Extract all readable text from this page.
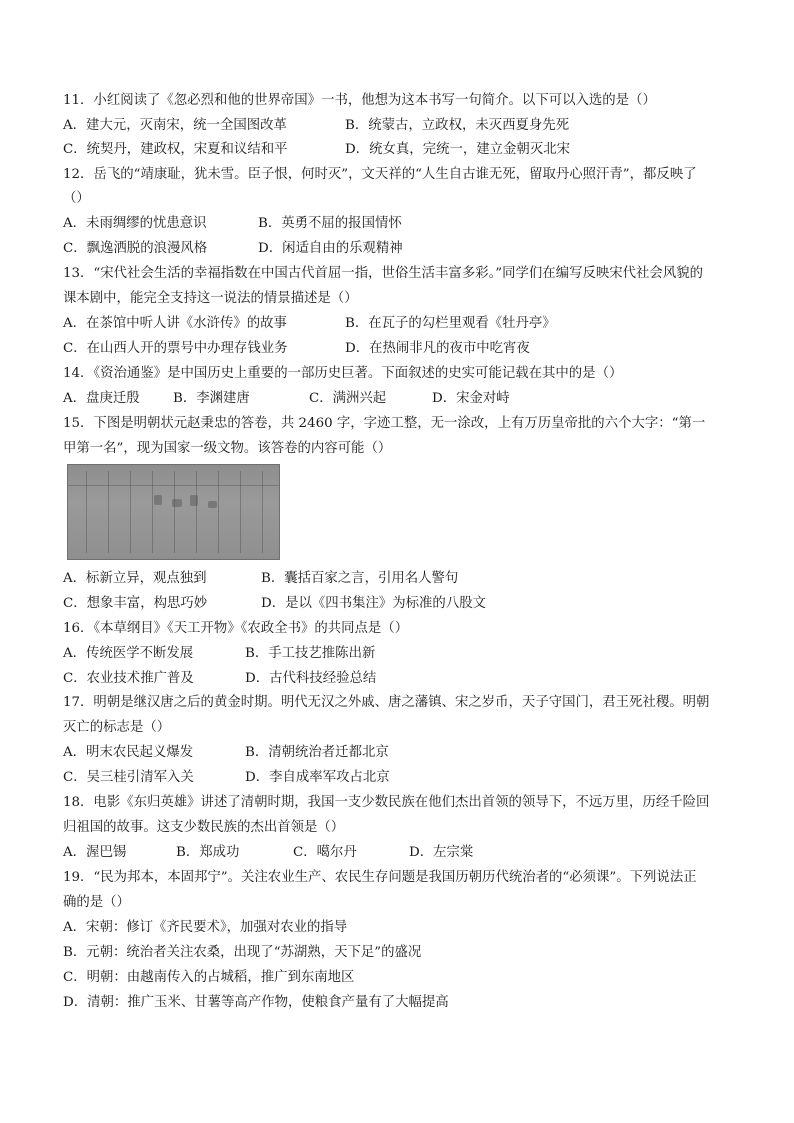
11．小红阅读了《忽必烈和他的世界帝国》一书，他想为这本书写一句简介。以下可以入选的是（）
A．建大元，灭南宋，统一全国图改革	B．统蒙古，立政权，未灭西夏身先死
C．统契丹，建政权，宋夏和议结和平	D．统女真，完统一，建立金朝灭北宋
12．岳飞的“靖康耻，犹未雪。臣子恨，何时灭”，文天祥的“人生自古谁无死，留取丹心照汗青”，都反映了
（）
A．未雨绸缪的忧患意识	B．英勇不屈的报国情怀
C．飘逸洒脱的浪漫风格	D．闲适自由的乐观精神
13．“宋代社会生活的幸福指数在中国古代首屈一指，世俗生活丰富多彩。”同学们在编写反映宋代社会风貌的
课本剧中，能完全支持这一说法的情景描述是（）
A．在茶馆中听人讲《水浒传》的故事	B．在瓦子的勾栏里观看《牡丹亭》
C．在山西人开的票号中办理存钱业务	D．在热闹非凡的夜市中吃宵夜
14．《资治通鉴》是中国历史上重要的一部历史巨著。下面叙述的史实可能记载在其中的是（）
A．盘庚迁殷 B．李渊建唐	C．满洲兴起	D．宋金对峙
15．下图是明朝状元赵秉忠的答卷，共 2460 字，字迹工整，无一涂改，上有万历皇帝批的六个大字：“第一
甲第一名”，现为国家一级文物。该答卷的内容可能（）
A．标新立异，观点独到	B．囊括百家之言，引用名人警句
C．想象丰富，构思巧妙	D．是以《四书集注》为标准的八股文
16．《本草纲目》《天工开物》《农政全书》的共同点是（）
A．传统医学不断发展	B．手工技艺推陈出新
C．农业技术推广普及	D．古代科技经验总结
17．明朝是继汉唐之后的黄金时期。明代无汉之外戚、唐之藩镇、宋之岁币，天子守国门，君王死社稷。明朝
灭亡的标志是（）
A．明末农民起义爆发	B．清朝统治者迁都北京
C．吴三桂引清军入关	D．李自成率军攻占北京
18．电影《东归英雄》讲述了清朝时期，我国一支少数民族在他们杰出首领的领导下，不远万里，历经千险回
归祖国的故事。这支少数民族的杰出首领是（）
A．渥巴锡	B．郑成功	C．噶尔丹	D．左宗棠
19．“民为邦本，本固邦宁”。关注农业生产、农民生存问题是我国历朝历代统治者的“必须课”。下列说法正
确的是（）
A．宋朝：修订《齐民要术》，加强对农业的指导
B．元朝：统治者关注农桑，出现了“苏湖熟，天下足”的盛况
C．明朝：由越南传入的占城稻，推广到东南地区
D．清朝：推广玉米、甘薯等高产作物，使粮食产量有了大幅提高
